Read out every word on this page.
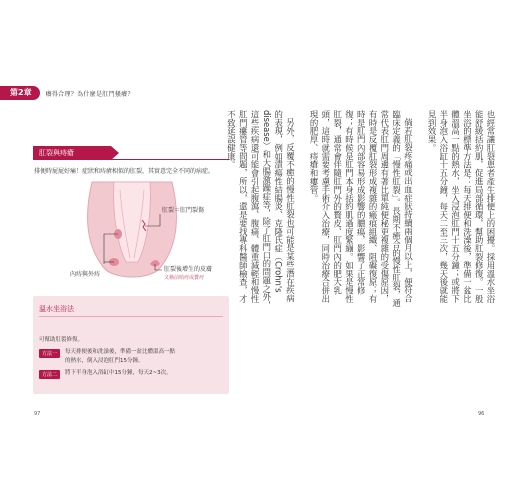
第2章	癢得合理？為什麼是肛門搔癢？
肛裂與痔瘡
排便時屁屁好痛！症狀和痔瘡相似的肛裂，其實意完全不同的病症。
肛裂＝肛門裂傷
內痔與外痔
肛裂後增生的皮膚
又稱前哨痔或贅痔
溫水坐浴法
可幫助肛裂修復。
方法一	每天排便後和洗澡後，準備一盆比體溫高一點
的熱水，倒入浸泡肛門15分鐘。
方法二	將下半身泡入浴缸中15分鐘，每天2~3次。
97

也經常讓肛裂患者產生排便上的困擾。採用溫水坐浴能舒緩括約肌，促進局部循環，幫助肛裂修復。一般坐浴的標準方法是：每天排便和洗澡後，準備一盆比體溫高一點的熱水，坐入浸泡肛門十五分鐘；或將下半身泡入浴缸十五分鐘，每天二至三次，幾天後就能見到效果。

倘若肛裂疼痛或出血症狀持續兩個月以上，便符合臨床定義的「慢性肛裂」。長期不癒合的慢性肛裂，通常代表肛門周邊有著比單純便秘更複雜的受傷原因，有時是反覆肛裂形成複雜的瘢痕組織、阻礙復原；有時是肛門內部容易形成影響的膿瘍，影響了正常修復；有時候是肛門本身括約肌過度緊繃。如果是慢性肛裂，通常會伴隨肛門外的贅皮、肛門內的肥大乳頭，這時就需要考慮手術介入治療，同時治療合併出現的肥厚、痔瘡和瘻管。

另外，反覆不癒的慢性肛裂也可能是某些潛在疾病的表現，例如潰瘍性結腸炎、克隆氏症（Crohn's disease）和大腸激躁症等，除了肛門口的問題之外，這些疾病還可能會引起腹瀉、腹痛、體重減輕和慢性肛門瘻管等問題，所以，還是要找專科醫師檢查，才不致延誤健康。

96
